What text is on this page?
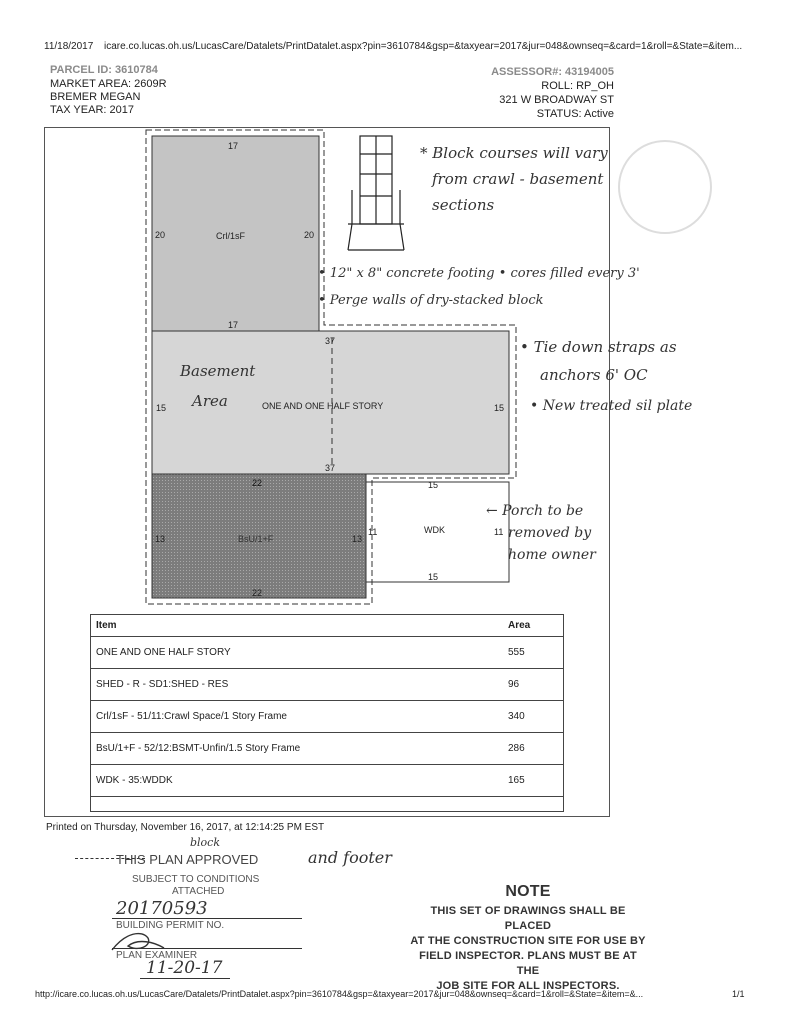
11/18/2017 icare.co.lucas.oh.us/LucasCare/Datalets/PrintDatalet.aspx?pin=3610784&gsp=&taxyear=2017&jur=048&ownseq=&card=1&roll=&State=&item...
PARCEL ID: 3610784
MARKET AREA: 2609R
BREMER MEGAN
TAX YEAR: 2017
ASSESSOR#: 43194005
ROLL: RP_OH
321 W BROADWAY ST
STATUS: Active
17
20	20
17
Crl/1sF
37
15	15
37
ONE AND ONE HALF STORY
22
13	13
22
BsU/1+F
15
11	11
15
WDK
* Block courses will vary
from crawl - basement
sections
• 12" x 8" concrete footing • cores filled every 3'
• Perge walls of dry-stacked block
• Tie down straps as
anchors 6' OC
• New treated sil plate
Basement
Area
← Porch to be
removed by
home owner
Item	Area
ONE AND ONE HALF STORY	555
SHED - R - SD1:SHED - RES	96
Crl/1sF - 51/11:Crawl Space/1 Story Frame	340
BsU/1+F - 52/12:BSMT-Unfin/1.5 Story Frame	286
WDK - 35:WDDK	165
Printed on Thursday, November 16, 2017, at 12:14:25 PM EST
block
THIS PLAN APPROVED	and footer
SUBJECT TO CONDITIONS
ATTACHED
20170593
BUILDING PERMIT NO.
PLAN EXAMINER
11-20-17
NOTE
THIS SET OF DRAWINGS SHALL BE PLACED
AT THE CONSTRUCTION SITE FOR USE BY
FIELD INSPECTOR. PLANS MUST BE AT THE
JOB SITE FOR ALL INSPECTORS.
http://icare.co.lucas.oh.us/LucasCare/Datalets/PrintDatalet.aspx?pin=3610784&gsp=&taxyear=2017&jur=048&ownseq=&card=1&roll=&State=&item=&...	1/1
